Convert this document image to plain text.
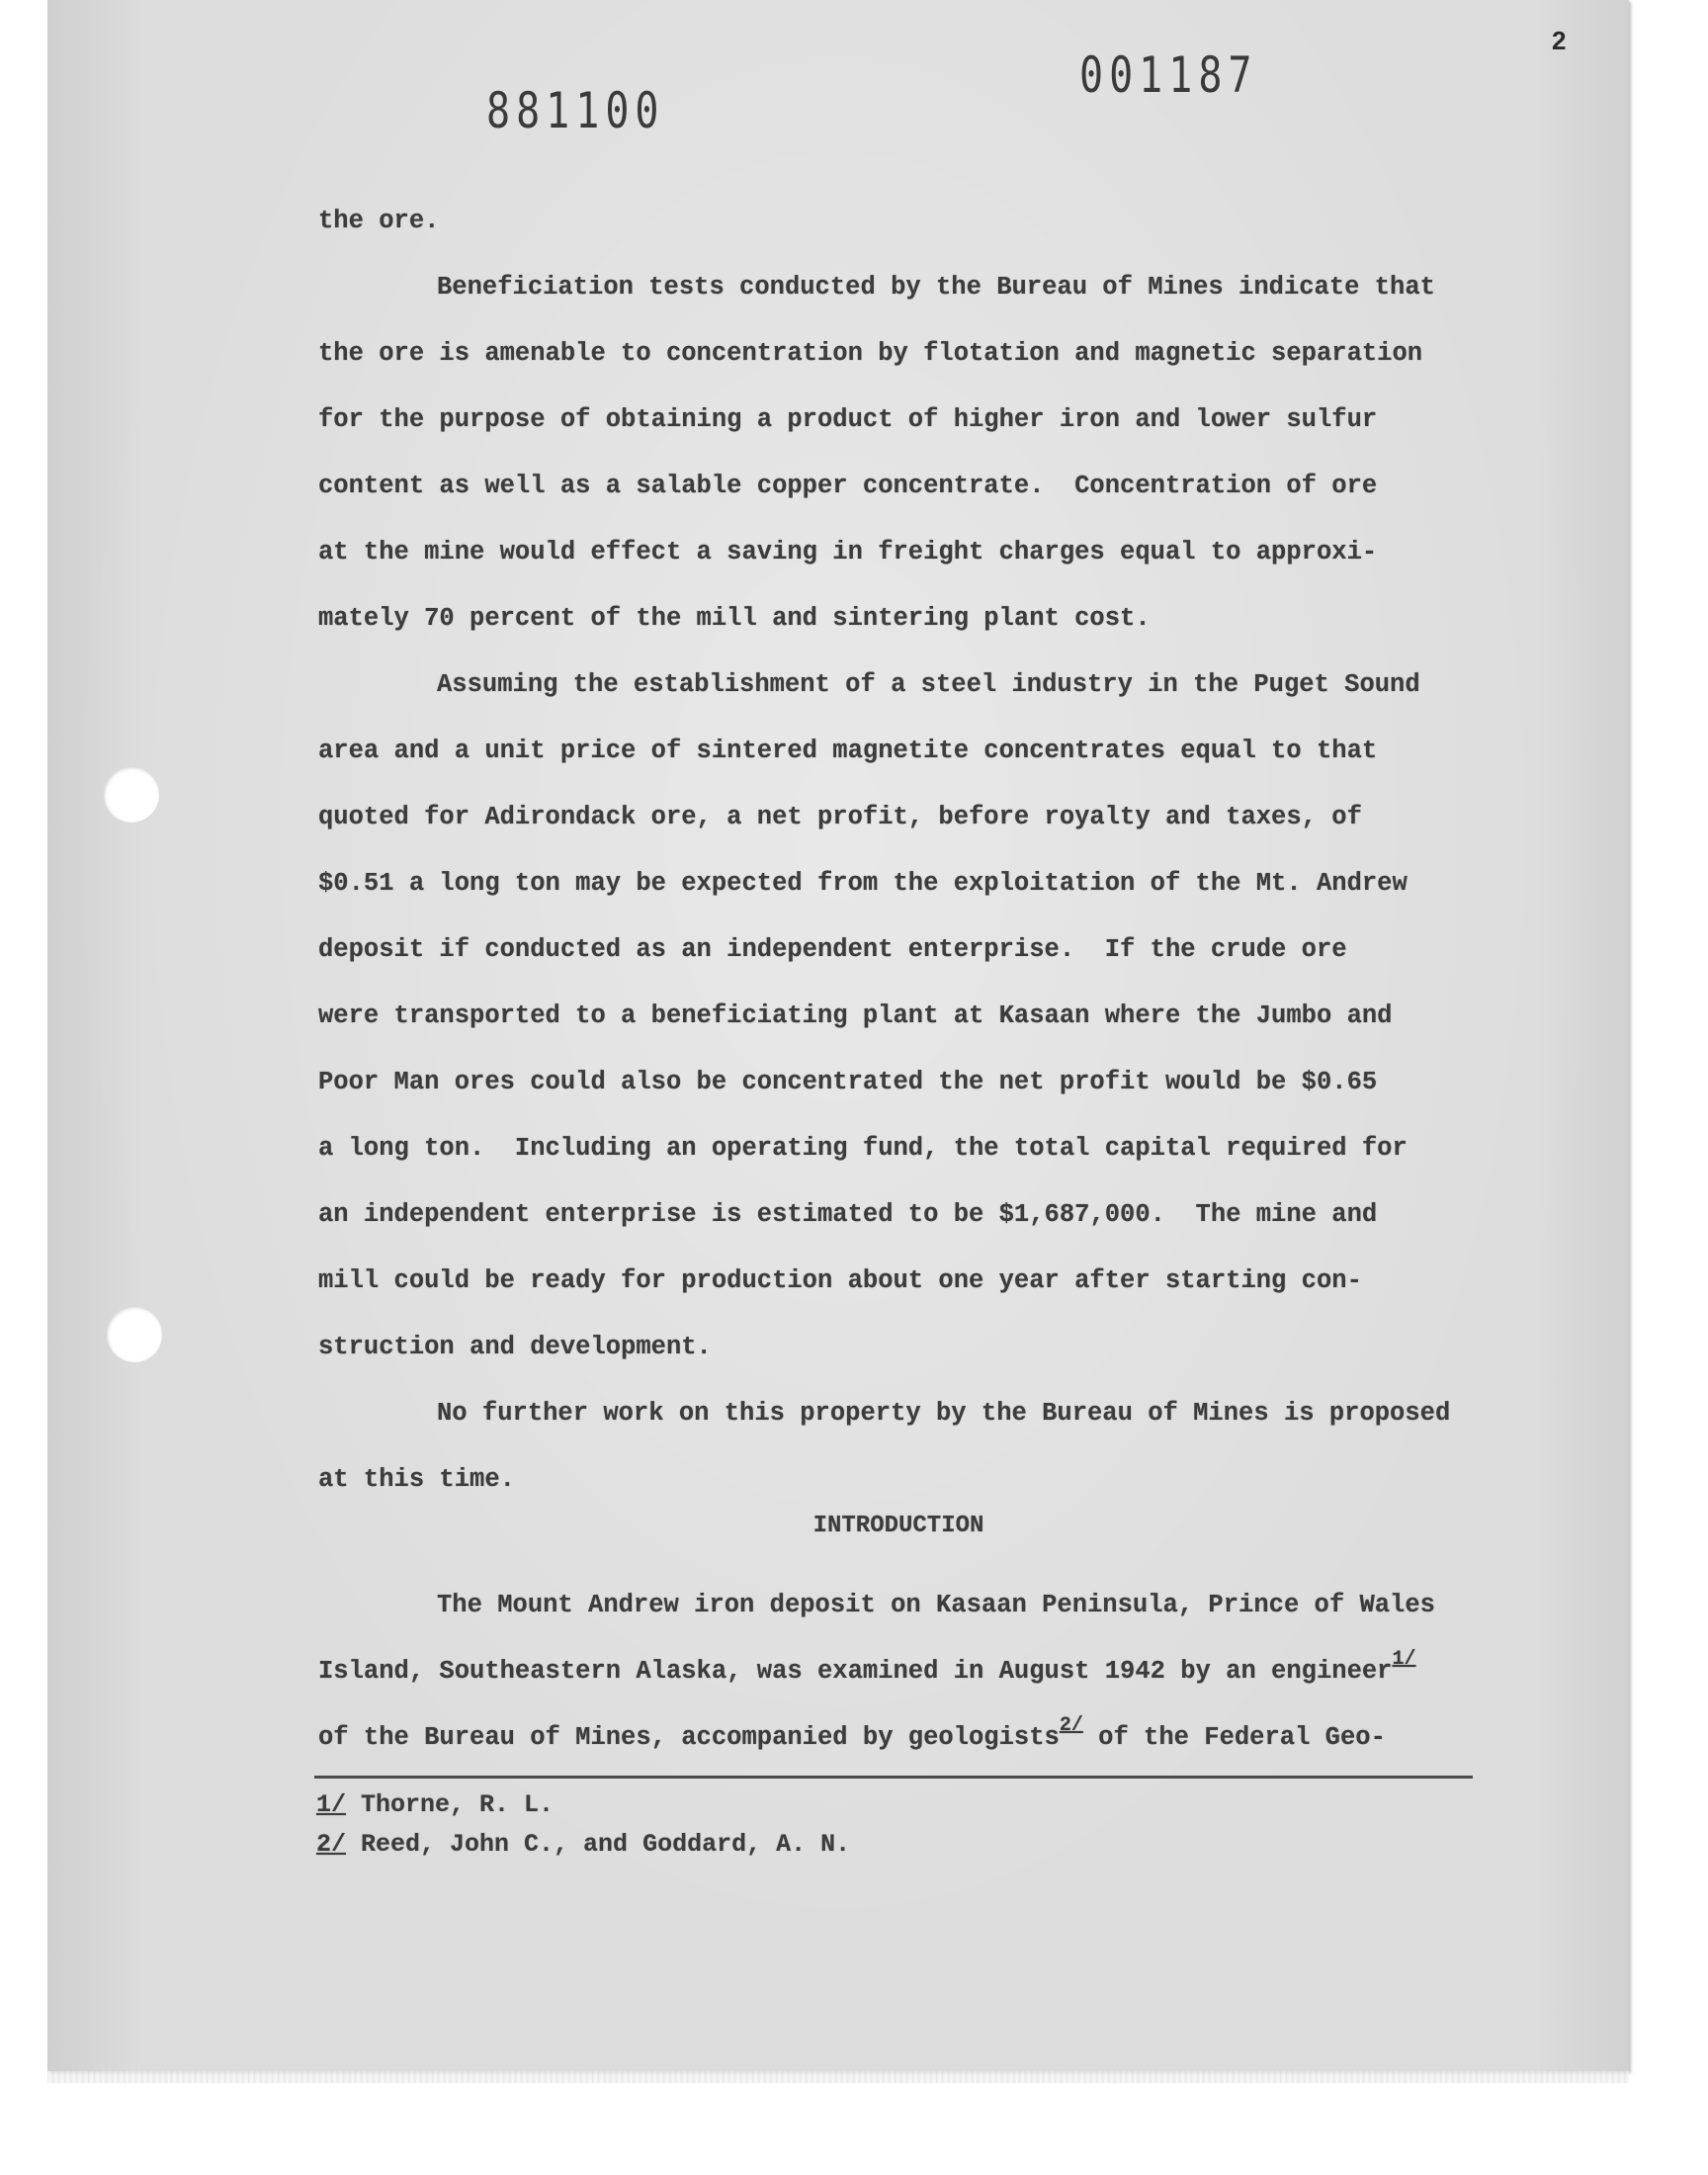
881100
001187
2
the ore.
Beneficiation tests conducted by the Bureau of Mines indicate that
the ore is amenable to concentration by flotation and magnetic separation
for the purpose of obtaining a product of higher iron and lower sulfur
content as well as a salable copper concentrate.  Concentration of ore
at the mine would effect a saving in freight charges equal to approxi-
mately 70 percent of the mill and sintering plant cost.
Assuming the establishment of a steel industry in the Puget Sound
area and a unit price of sintered magnetite concentrates equal to that
quoted for Adirondack ore, a net profit, before royalty and taxes, of
$0.51 a long ton may be expected from the exploitation of the Mt. Andrew
deposit if conducted as an independent enterprise.  If the crude ore
were transported to a beneficiating plant at Kasaan where the Jumbo and
Poor Man ores could also be concentrated the net profit would be $0.65
a long ton.  Including an operating fund, the total capital required for
an independent enterprise is estimated to be $1,687,000.  The mine and
mill could be ready for production about one year after starting con-
struction and development.
No further work on this property by the Bureau of Mines is proposed
at this time.
INTRODUCTION
The Mount Andrew iron deposit on Kasaan Peninsula, Prince of Wales
Island, Southeastern Alaska, was examined in August 1942 by an engineer$^{1/}$
of the Bureau of Mines, accompanied by geologists$^{2/}$ of the Federal Geo-
1/ Thorne, R. L.
2/ Reed, John C., and Goddard, A. N.
